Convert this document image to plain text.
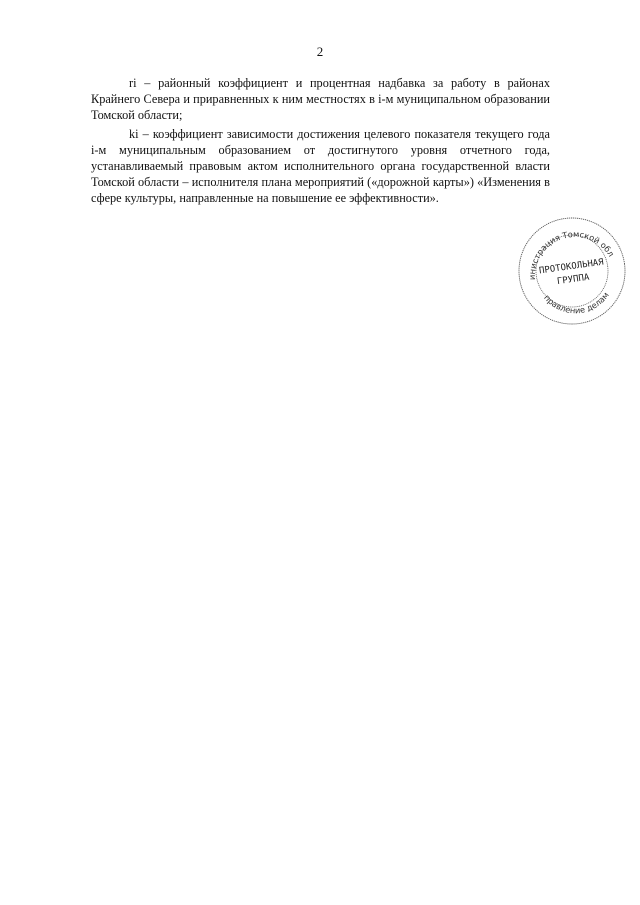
2

ri – районный коэффициент и процентная надбавка за работу в районах Крайнего Севера и приравненных к ним местностях в i-м муниципальном образовании Томской области;

ki – коэффициент зависимости достижения целевого показателя текущего года i-м муниципальным образованием от достигнутого уровня отчетного года, устанавливаемый правовым актом исполнительного органа государственной власти Томской области – исполнителя плана мероприятий («дорожной карты») «Изменения в сфере культуры, направленные на повышение ее эффективности».

Администрация Томской области
Управление делами
ПРОТОКОЛЬНАЯ
ГРУППА
